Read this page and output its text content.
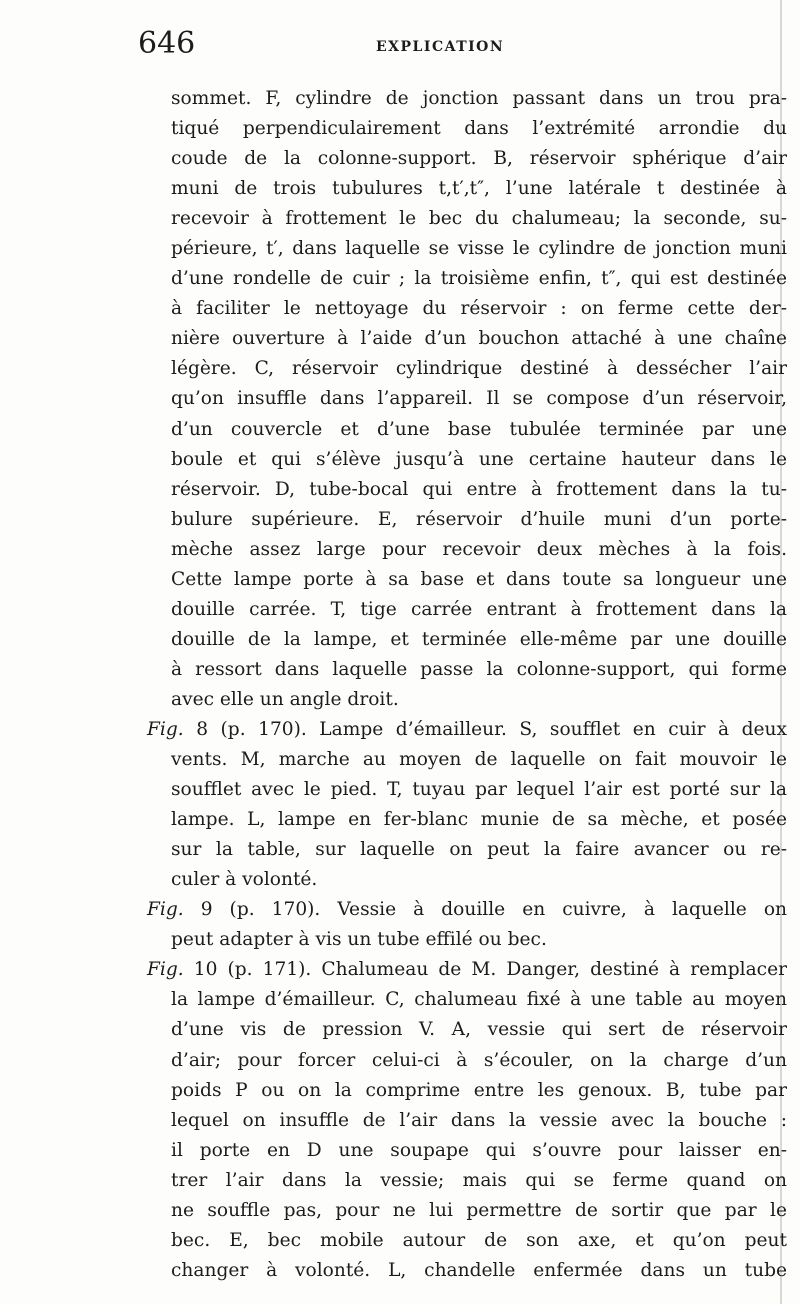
646	EXPLICATION
sommet. F, cylindre de jonction passant dans un trou pra-
tiqué perpendiculairement dans l’extrémité arrondie du
coude de la colonne-support. B, réservoir sphérique d’air
muni de trois tubulures t,t′,t″, l’une latérale t destinée à
recevoir à frottement le bec du chalumeau; la seconde, su-
périeure, t′, dans laquelle se visse le cylindre de jonction muni
d’une rondelle de cuir ; la troisième enfin, t″, qui est destinée
à faciliter le nettoyage du réservoir : on ferme cette der-
nière ouverture à l’aide d’un bouchon attaché à une chaîne
légère. C, réservoir cylindrique destiné à dessécher l’air
qu’on insuffle dans l’appareil. Il se compose d’un réservoir,
d’un couvercle et d’une base tubulée terminée par une
boule et qui s’élève jusqu’à une certaine hauteur dans le
réservoir. D, tube-bocal qui entre à frottement dans la tu-
bulure supérieure. E, réservoir d’huile muni d’un porte-
mèche assez large pour recevoir deux mèches à la fois.
Cette lampe porte à sa base et dans toute sa longueur une
douille carrée. T, tige carrée entrant à frottement dans la
douille de la lampe, et terminée elle-même par une douille
à ressort dans laquelle passe la colonne-support, qui forme
avec elle un angle droit.
Fig. 8 (p. 170). Lampe d’émailleur. S, soufflet en cuir à deux
vents. M, marche au moyen de laquelle on fait mouvoir le
soufflet avec le pied. T, tuyau par lequel l’air est porté sur la
lampe. L, lampe en fer-blanc munie de sa mèche, et posée
sur la table, sur laquelle on peut la faire avancer ou re-
culer à volonté.
Fig. 9 (p. 170). Vessie à douille en cuivre, à laquelle on
peut adapter à vis un tube effilé ou bec.
Fig. 10 (p. 171). Chalumeau de M. Danger, destiné à remplacer
la lampe d’émailleur. C, chalumeau fixé à une table au moyen
d’une vis de pression V. A, vessie qui sert de réservoir
d’air; pour forcer celui-ci à s’écouler, on la charge d’un
poids P ou on la comprime entre les genoux. B, tube par
lequel on insuffle de l’air dans la vessie avec la bouche :
il porte en D une soupape qui s’ouvre pour laisser en-
trer l’air dans la vessie; mais qui se ferme quand on
ne souffle pas, pour ne lui permettre de sortir que par le
bec. E, bec mobile autour de son axe, et qu’on peut
changer à volonté. L, chandelle enfermée dans un tube
